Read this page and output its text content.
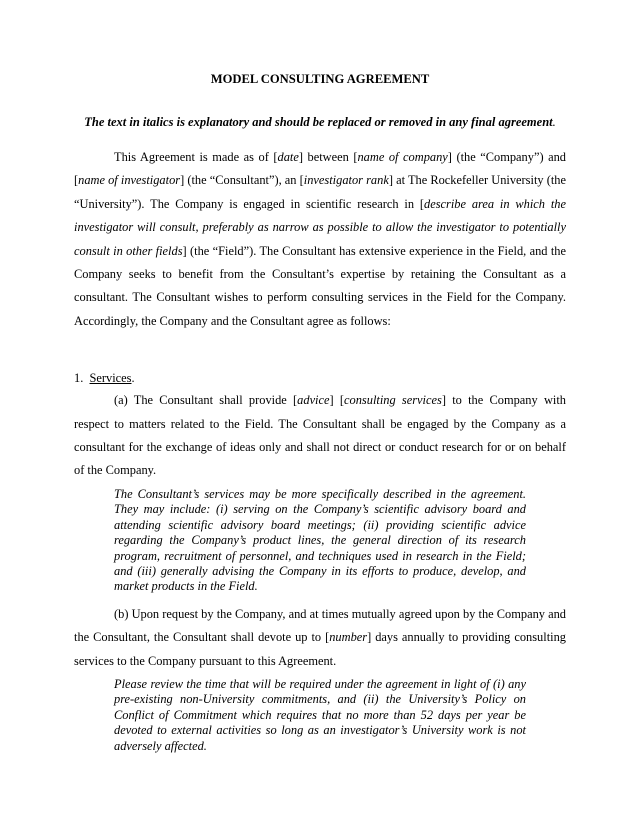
MODEL CONSULTING AGREEMENT

The text in italics is explanatory and should be replaced or removed in any final agreement.

This Agreement is made as of [date] between [name of company] (the “Company”) and [name of investigator] (the “Consultant”), an [investigator rank] at The Rockefeller University (the “University”). The Company is engaged in scientific research in [describe area in which the investigator will consult, preferably as narrow as possible to allow the investigator to potentially consult in other fields] (the “Field”). The Consultant has extensive experience in the Field, and the Company seeks to benefit from the Consultant’s expertise by retaining the Consultant as a consultant. The Consultant wishes to perform consulting services in the Field for the Company. Accordingly, the Company and the Consultant agree as follows:

1. Services.

(a) The Consultant shall provide [advice] [consulting services] to the Company with respect to matters related to the Field. The Consultant shall be engaged by the Company as a consultant for the exchange of ideas only and shall not direct or conduct research for or on behalf of the Company.

The Consultant’s services may be more specifically described in the agreement. They may include: (i) serving on the Company’s scientific advisory board and attending scientific advisory board meetings; (ii) providing scientific advice regarding the Company’s product lines, the general direction of its research program, recruitment of personnel, and techniques used in research in the Field; and (iii) generally advising the Company in its efforts to produce, develop, and market products in the Field.

(b) Upon request by the Company, and at times mutually agreed upon by the Company and the Consultant, the Consultant shall devote up to [number] days annually to providing consulting services to the Company pursuant to this Agreement.

Please review the time that will be required under the agreement in light of (i) any pre-existing non-University commitments, and (ii) the University’s Policy on Conflict of Commitment which requires that no more than 52 days per year be devoted to external activities so long as an investigator’s University work is not adversely affected.
